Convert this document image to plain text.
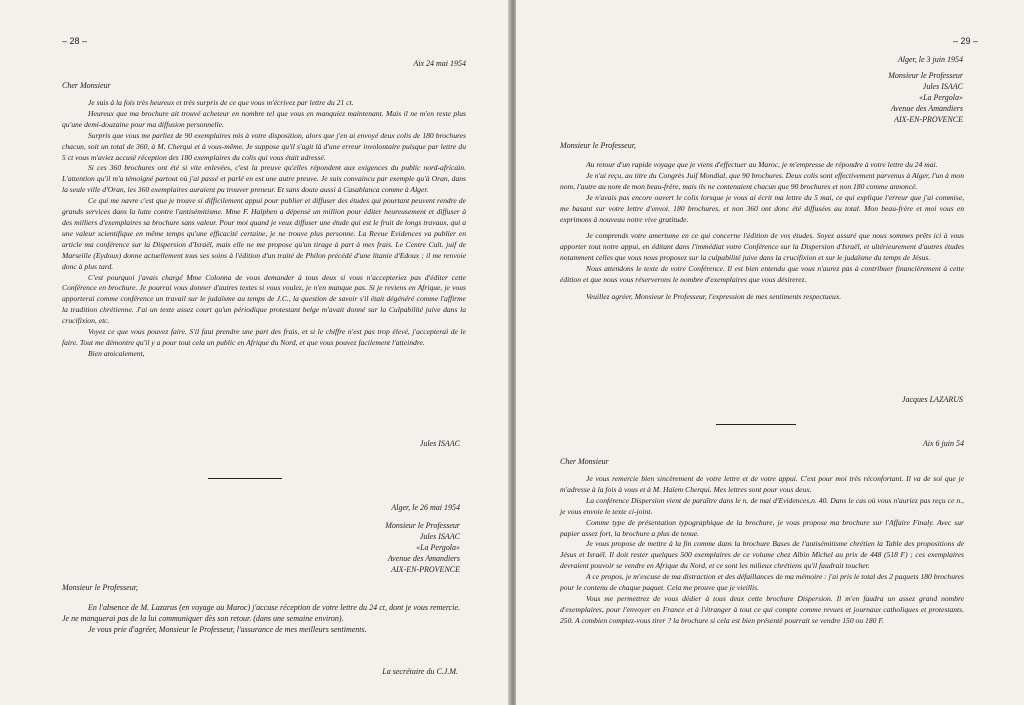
– 28 –
Aix 24 mai 1954
Cher Monsieur

Je suis à la fois très heureux et très surpris de ce que vous m'écrivez par lettre du 21 ct.

Heureux que ma brochure ait trouvé acheteur en nombre tel que vous en manquiez maintenant. Mais il ne m'en reste plus qu'une demi-douzaine pour ma diffusion personnelle.

Surpris que vous me parliez de 90 exemplaires mis à votre disposition, alors que j'en ai envoyé deux colis de 180 brochures chacun, soit un total de 360, à M. Cherqui et à vous-même. Je suppose qu'il s'agit là d'une erreur involontaire puisque par lettre du 5 ct vous m'aviez accusé réception des 180 exemplaires du colis qui vous était adressé.

Si ces 360 brochures ont été si vite enlevées, c'est la preuve qu'elles répondent aux exigences du public nord-africain. L'attention qu'il m'a témoigné partout où j'ai passé et parlé en est une autre preuve. Je suis convaincu par exemple qu'à Oran, dans la seule ville d'Oran, les 360 exemplaires auraient pu trouver preneur. Et sans doute aussi à Casablanca comme à Alger.

Ce qui me navre c'est que je trouve si difficilement appui pour publier et diffuser des études qui pourtant peuvent rendre de grands services dans la lutte contre l'antisémitisme. Mme F. Halphen a dépensé un million pour éditer heureusement et diffuser à des milliers d'exemplaires sa brochure sans valeur. Pour moi quand je veux diffuser une étude qui est le fruit de longs travaux, qui a une valeur scientifique en même temps qu'une efficacité certaine, je ne trouve plus personne. La Revue Evidences va publier en article ma conférence sur la Dispersion d'Israël, mais elle ne me propose qu'un tirage à part à mes frais. Le Centre Cult. juif de Marseille (Eydoux) donne actuellement tous ses soins à l'édition d'un traité de Philon précédé d'une litanie d'Edoux ; il me renvoie donc à plus tard.

C'est pourquoi j'avais chargé Mme Colonna de vous demander à tous deux si vous n'accepteriez pas d'éditer cette Conférence en brochure. Je pourrai vous donner d'autres textes si vous voulez, je n'en manque pas. Si je reviens en Afrique, je vous apporterai comme conférence un travail sur le judaïsme au temps de J.C., la question de savoir s'il était dégénéré comme l'affirme la tradition chrétienne. J'ai un texte assez court qu'un périodique protestant belge m'avait donné sur la Culpabilité juive dans la crucifixion, etc.

Voyez ce que vous pouvez faire. S'il faut prendre une part des frais, et si le chiffre n'est pas trop élevé, j'accepterai de le faire. Tout me démontre qu'il y a pour tout cela un public en Afrique du Nord, et que vous pouvez facilement l'atteindre.

Bien amicalement,

Jules ISAAC
Alger, le 26 mai 1954
Monsieur le Professeur
Jules ISAAC
«La Pergola»
Avenue des Amandiers
AIX-EN-PROVENCE
Monsieur le Professeur,

En l'absence de M. Lazarus (en voyage au Maroc) j'accuse réception de votre lettre du 24 ct, dont je vous remercie. Je ne manquerai pas de la lui communiquer dès son retour. (dans une semaine environ).

Je vous prie d'agréer, Monsieur le Professeur, l'assurance de mes meilleurs sentiments.

La secrétaire du C.J.M.
– 29 –
Alger, le 3 juin 1954
Monsieur le Professeur
Jules ISAAC
«La Pergola»
Avenue des Amandiers
AIX-EN-PROVENCE
Monsieur le Professeur,

Au retour d'un rapide voyage que je viens d'effectuer au Maroc, je m'empresse de répondre à votre lettre du 24 mai.

Je n'ai reçu, au titre du Congrès Juif Mondial, que 90 brochures. Deux colis sont effectivement parvenus à Alger, l'un à mon nom, l'autre au nom de mon beau-frère, mais ils ne contenaient chacun que 90 brochures et non 180 comme annoncé.

Je n'avais pas encore ouvert le colis lorsque je vous ai écrit ma lettre du 5 mai, ce qui explique l'erreur que j'ai commise, me basant sur votre lettre d'envoi. 180 brochures, et non 360 ont donc été diffusées au total. Mon beau-frère et moi vous en exprimons à nouveau notre vive gratitude.

Je comprends votre amertume en ce qui concerne l'édition de vos études. Soyez assuré que nous sommes prêts ici à vous apporter tout notre appui, en éditant dans l'immédiat votre Conférence sur la Dispersion d'Israël, et ultérieurement d'autres études notamment celles que vous nous proposez sur la culpabilité juive dans la crucifixion et sur le judaïsme du temps de Jésus.

Nous attendons le texte de votre Conférence. Il est bien entendu que vous n'aurez pas à contribuer financièrement à cette édition et que nous vous réserverons le nombre d'exemplaires que vous désirerez.

Veuillez agréer, Monsieur le Professeur, l'expression de mes sentiments respectueux.

Jacques LAZARUS
Aix 6 juin 54
Cher Monsieur

Je vous remercie bien sincèrement de votre lettre et de votre appui. C'est pour moi très réconfortant. Il va de soi que je m'adresse à la fois à vous et à M. Haïem Cherqui. Mes lettres sont pour vous deux.

La conférence Dispersion vient de paraître dans le n. de mai d'Evidences,n. 40. Dans le cas où vous n'auriez pas reçu ce n., je vous envoie le texte ci-joint.

Comme type de présentation typographique de la brochure, je vous propose ma brochure sur l'Affaire Finaly. Avec sur papier assez fort, la brochure a plus de tenue.

Je vous propose de mettre à la fin comme dans la brochure Bases de l'antisémitisme chrétien la Table des propositions de Jésus et Israël. Il doit rester quelques 500 exemplaires de ce volume chez Albin Michel au prix de 448 (518 F) ; ces exemplaires devraient pouvoir se vendre en Afrique du Nord, et ce sont les milieux chrétiens qu'il faudrait toucher.

A ce propos, je m'excuse de ma distraction et des défaillances de ma mémoire : j'ai pris le total des 2 paquets 180 brochures pour le contenu de chaque paquet. Cela me prouve que je vieillis.

Vous me permettrez de vous dédier à tous deux cette brochure Dispersion. Il m'en faudra un assez grand nombre d'exemplaires, pour l'envoyer en France et à l'étranger à tout ce qui compte comme revues et journaux catholiques et protestants. 250. A combien comptez-vous tirer ? la brochure si cela est bien présenté pourrait se vendre 150 ou 180 F.
